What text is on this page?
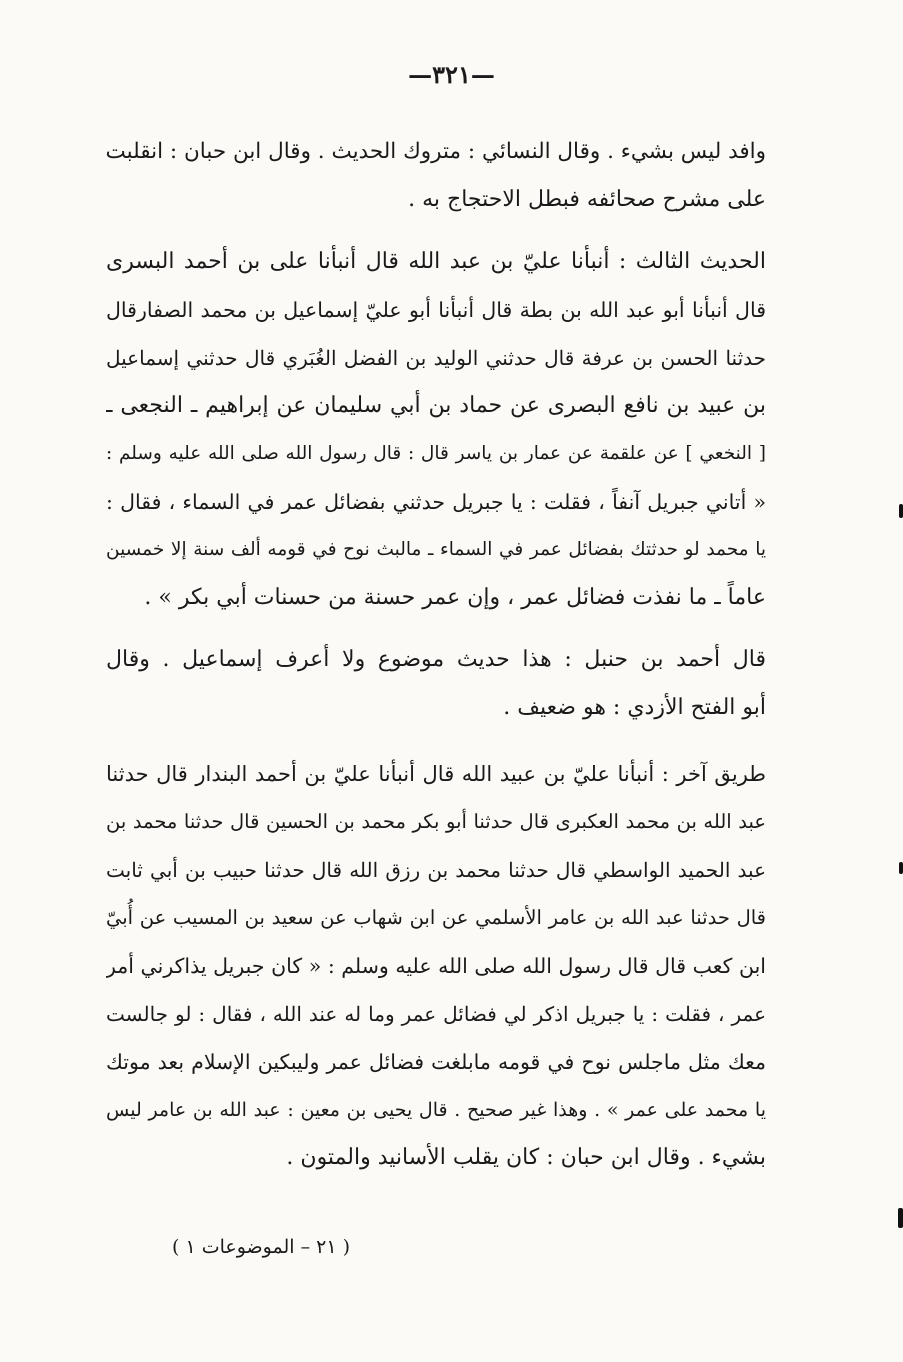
—٣٢١—
وافد ليس بشيء . وقال النسائي : متروك الحديث . وقال ابن حبان : انقلبت
على مشرح صحائفه فبطل الاحتجاج به .
الحديث الثالث : أنبأنا عليّ بن عبد الله قال أنبأنا على بن أحمد البسرى
قال أنبأنا أبو عبد الله بن بطة قال أنبأنا أبو عليّ إسماعيل بن محمد الصفارقال
حدثنا الحسن بن عرفة قال حدثني الوليد بن الفضل الغُبَري قال حدثني إسماعيل
بن عبيد بن نافع البصرى عن حماد بن أبي سليمان عن إبراهيم ـ النجعى ـ
[ النخعي ] عن علقمة عن عمار بن ياسر قال : قال رسول الله صلى الله عليه وسلم :
« أتاني جبريل آنفاً ، فقلت : يا جبريل حدثني بفضائل عمر في السماء ، فقال :
يا محمد لو حدثتك بفضائل عمر في السماء ـ مالبث نوح في قومه ألف سنة إلا خمسين
عاماً ـ ما نفذت فضائل عمر ، وإن عمر حسنة من حسنات أبي بكر » .
قال أحمد بن حنبل : هذا حديث موضوع ولا أعرف إسماعيل . وقال
أبو الفتح الأزدي : هو ضعيف .
طريق آخر : أنبأنا عليّ بن عبيد الله قال أنبأنا عليّ بن أحمد البندار قال حدثنا
عبد الله بن محمد العكبرى قال حدثنا أبو بكر محمد بن الحسين قال حدثنا محمد بن
عبد الحميد الواسطي قال حدثنا محمد بن رزق الله قال حدثنا حبيب بن أبي ثابت
قال حدثنا عبد الله بن عامر الأسلمي عن ابن شهاب عن سعيد بن المسيب عن أُبيّ
ابن كعب قال قال رسول الله صلى الله عليه وسلم : « كان جبريل يذاكرني أمر
عمر ، فقلت : يا جبريل اذكر لي فضائل عمر وما له عند الله ، فقال : لو جالست
معك مثل ماجلس نوح في قومه مابلغت فضائل عمر وليبكين الإسلام بعد موتك
يا محمد على عمر » . وهذا غير صحيح . قال يحيى بن معين : عبد الله بن عامر ليس
بشيء . وقال ابن حبان : كان يقلب الأسانيد والمتون .
( ٢١ – الموضوعات ١ )
